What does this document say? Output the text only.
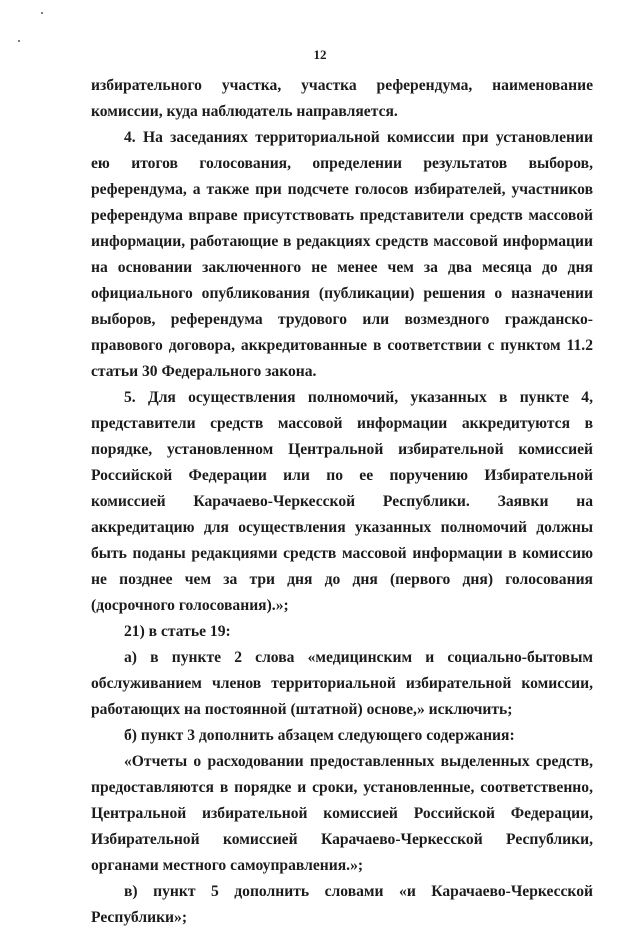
12

избирательного участка, участка референдума, наименование комиссии, куда наблюдатель направляется.

4. На заседаниях территориальной комиссии при установлении ею итогов голосования, определении результатов выборов, референдума, а также при подсчете голосов избирателей, участников референдума вправе присутствовать представители средств массовой информации, работающие в редакциях средств массовой информации на основании заключенного не менее чем за два месяца до дня официального опубликования (публикации) решения о назначении выборов, референдума трудового или возмездного гражданско-правового договора, аккредитованные в соответствии с пунктом 11.2 статьи 30 Федерального закона.

5. Для осуществления полномочий, указанных в пункте 4, представители средств массовой информации аккредитуются в порядке, установленном Центральной избирательной комиссией Российской Федерации или по ее поручению Избирательной комиссией Карачаево-Черкесской Республики. Заявки на аккредитацию для осуществления указанных полномочий должны быть поданы редакциями средств массовой информации в комиссию не позднее чем за три дня до дня (первого дня) голосования (досрочного голосования).»;

21) в статье 19:

а) в пункте 2 слова «медицинским и социально-бытовым обслуживанием членов территориальной избирательной комиссии, работающих на постоянной (штатной) основе,» исключить;

б) пункт 3 дополнить абзацем следующего содержания:

«Отчеты о расходовании предоставленных выделенных средств, предоставляются в порядке и сроки, установленные, соответственно, Центральной избирательной комиссией Российской Федерации, Избирательной комиссией Карачаево-Черкесской Республики, органами местного самоуправления.»;

в) пункт 5 дополнить словами «и Карачаево-Черкесской Республики»;
